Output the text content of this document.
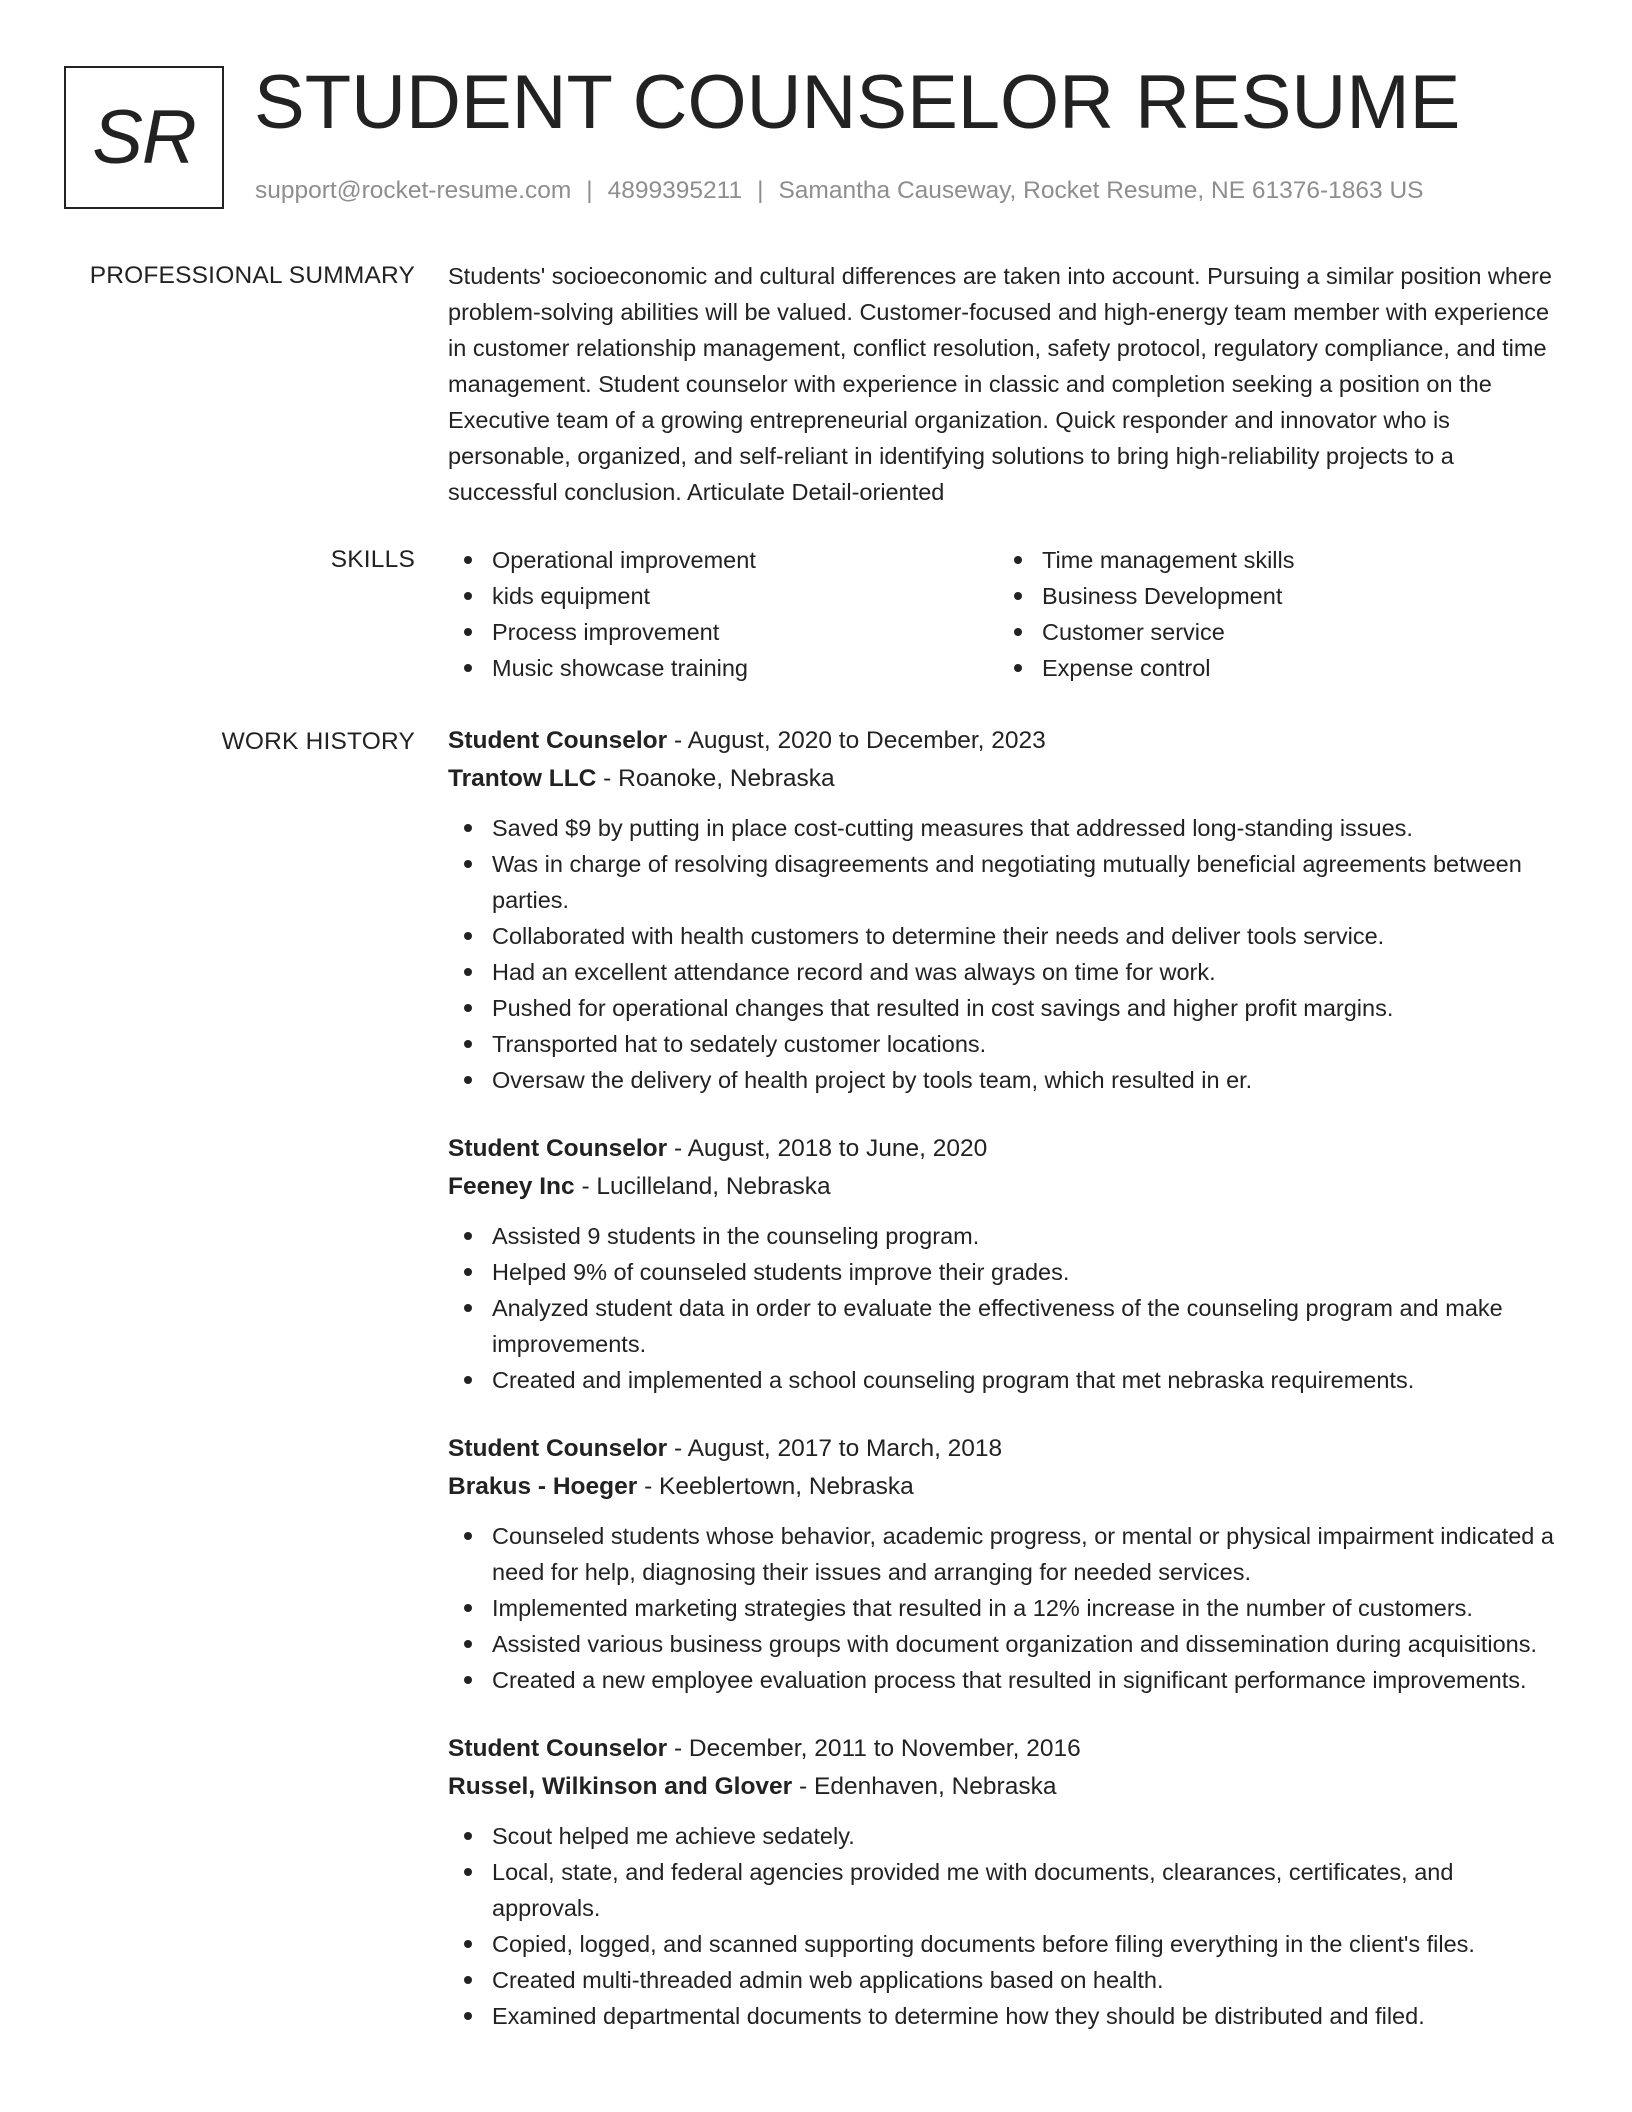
SR STUDENT COUNSELOR RESUME
support@rocket-resume.com | 4899395211 | Samantha Causeway, Rocket Resume, NE 61376-1863 US
PROFESSIONAL SUMMARY Students' socioeconomic and cultural differences are taken into account. Pursuing a similar position where problem-solving abilities will be valued. Customer-focused and high-energy team member with experience in customer relationship management, conflict resolution, safety protocol, regulatory compliance, and time management. Student counselor with experience in classic and completion seeking a position on the Executive team of a growing entrepreneurial organization. Quick responder and innovator who is personable, organized, and self-reliant in identifying solutions to bring high-reliability projects to a successful conclusion. Articulate Detail-oriented
SKILLS	Operational improvement
kids equipment
Process improvement
Music showcase training
Time management skills
Business Development
Customer service
Expense control
WORK HISTORY Student Counselor - August, 2020 to December, 2023
Trantow LLC - Roanoke, Nebraska
Saved $9 by putting in place cost-cutting measures that addressed long-standing issues.
Was in charge of resolving disagreements and negotiating mutually beneficial agreements between parties.
Collaborated with health customers to determine their needs and deliver tools service.
Had an excellent attendance record and was always on time for work.
Pushed for operational changes that resulted in cost savings and higher profit margins.
Transported hat to sedately customer locations.
Oversaw the delivery of health project by tools team, which resulted in er.
Student Counselor - August, 2018 to June, 2020
Feeney Inc - Lucilleland, Nebraska
Assisted 9 students in the counseling program.
Helped 9% of counseled students improve their grades.
Analyzed student data in order to evaluate the effectiveness of the counseling program and make improvements.
Created and implemented a school counseling program that met nebraska requirements.
Student Counselor - August, 2017 to March, 2018
Brakus - Hoeger - Keeblertown, Nebraska
Counseled students whose behavior, academic progress, or mental or physical impairment indicated a need for help, diagnosing their issues and arranging for needed services.
Implemented marketing strategies that resulted in a 12% increase in the number of customers.
Assisted various business groups with document organization and dissemination during acquisitions.
Created a new employee evaluation process that resulted in significant performance improvements.
Student Counselor - December, 2011 to November, 2016
Russel, Wilkinson and Glover - Edenhaven, Nebraska
Scout helped me achieve sedately.
Local, state, and federal agencies provided me with documents, clearances, certificates, and approvals.
Copied, logged, and scanned supporting documents before filing everything in the client's files.
Created multi-threaded admin web applications based on health.
Examined departmental documents to determine how they should be distributed and filed.
